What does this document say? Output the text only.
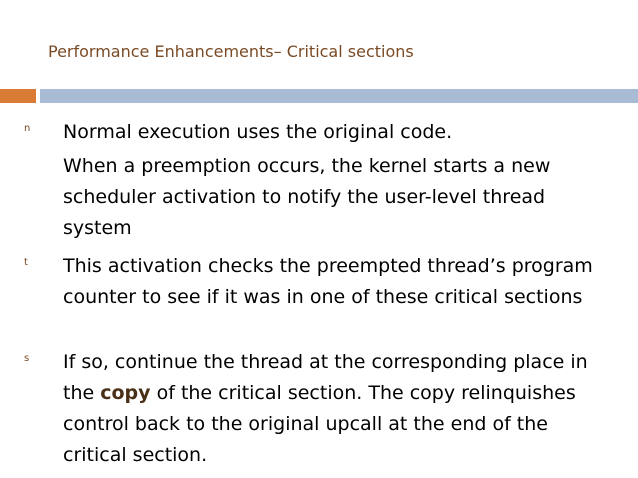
Performance Enhancements– Critical sections
n Normal execution uses the original code.

When a preemption occurs, the kernel starts a new scheduler activation to notify the user-level thread system

t This activation checks the preempted thread’s program counter to see if it was in one of these critical sections

s If so, continue the thread at the corresponding place in the copy of the critical section. The copy relinquishes control back to the original upcall at the end of the critical section.
